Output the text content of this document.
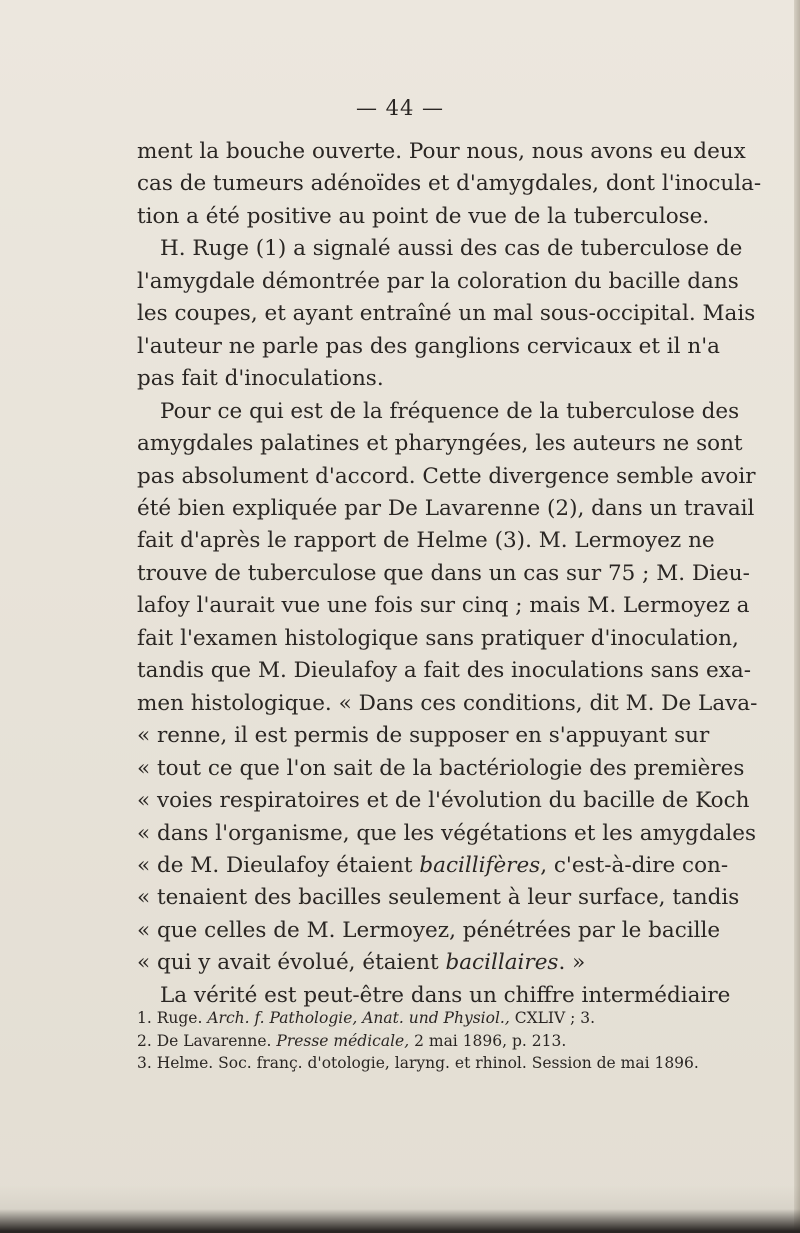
— 44 —
ment la bouche ouverte. Pour nous, nous avons eu deux
cas de tumeurs adénoïdes et d'amygdales, dont l'inocula-
tion a été positive au point de vue de la tuberculose.
H. Ruge (1) a signalé aussi des cas de tuberculose de
l'amygdale démontrée par la coloration du bacille dans
les coupes, et ayant entraîné un mal sous-occipital. Mais
l'auteur ne parle pas des ganglions cervicaux et il n'a
pas fait d'inoculations.
Pour ce qui est de la fréquence de la tuberculose des
amygdales palatines et pharyngées, les auteurs ne sont
pas absolument d'accord. Cette divergence semble avoir
été bien expliquée par De Lavarenne (2), dans un travail
fait d'après le rapport de Helme (3). M. Lermoyez ne
trouve de tuberculose que dans un cas sur 75 ; M. Dieu-
lafoy l'aurait vue une fois sur cinq ; mais M. Lermoyez a
fait l'examen histologique sans pratiquer d'inoculation,
tandis que M. Dieulafoy a fait des inoculations sans exa-
men histologique. « Dans ces conditions, dit M. De Lava-
« renne, il est permis de supposer en s'appuyant sur
« tout ce que l'on sait de la bactériologie des premières
« voies respiratoires et de l'évolution du bacille de Koch
« dans l'organisme, que les végétations et les amygdales
« de M. Dieulafoy étaient bacillifères, c'est-à-dire con-
« tenaient des bacilles seulement à leur surface, tandis
« que celles de M. Lermoyez, pénétrées par le bacille
« qui y avait évolué, étaient bacillaires. »
La vérité est peut-être dans un chiffre intermédiaire
1. Ruge. Arch. f. Pathologie, Anat. und Physiol., CXLIV ; 3.
2. De Lavarenne. Presse médicale, 2 mai 1896, p. 213.
3. Helme. Soc. franç. d'otologie, laryng. et rhinol. Session de mai 1896.
